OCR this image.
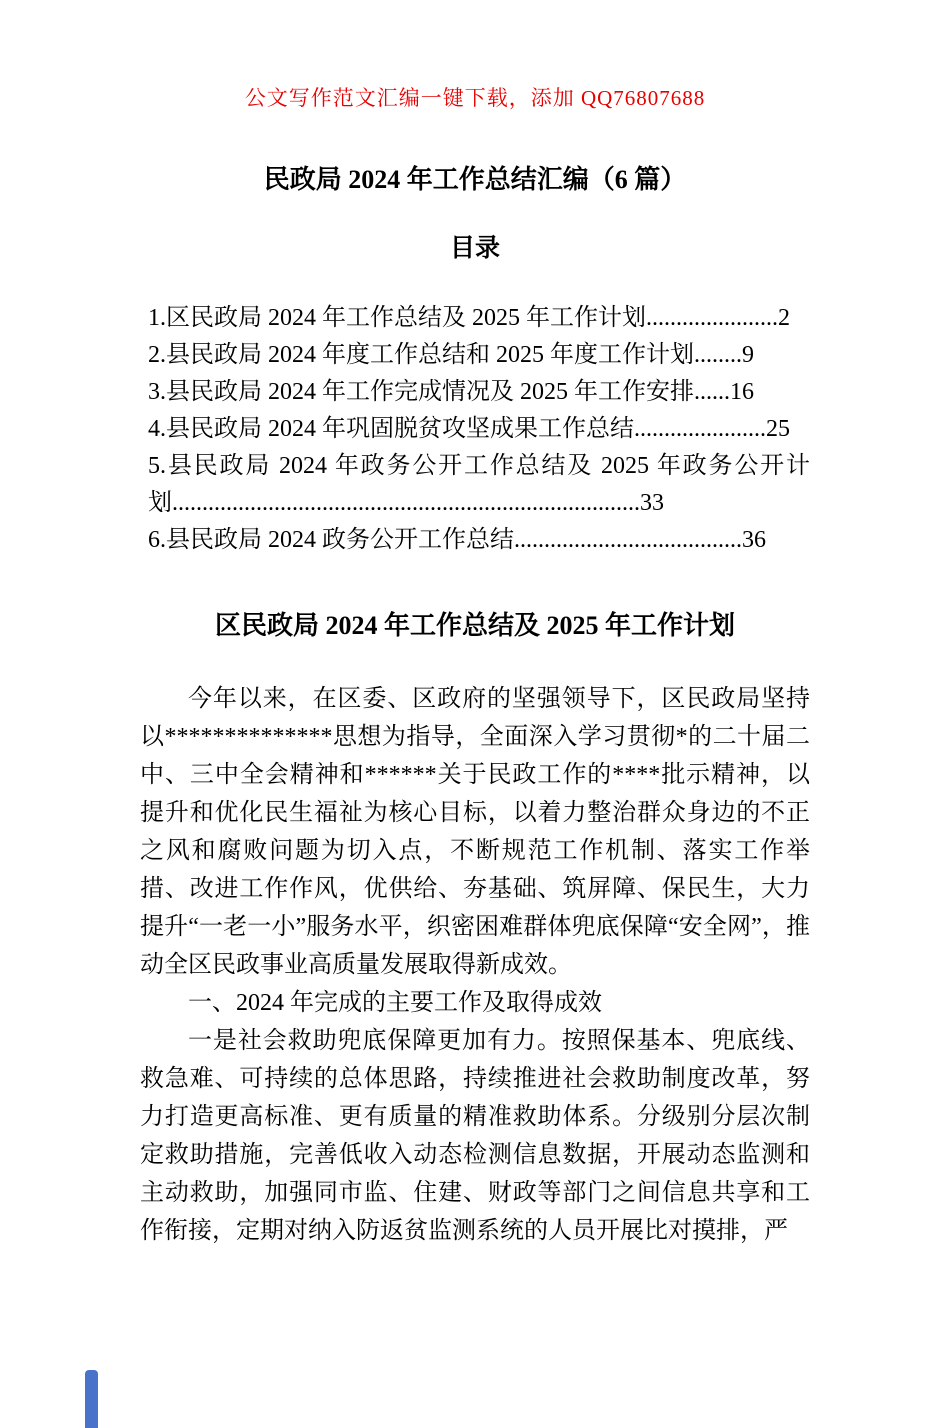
公文写作范文汇编一键下载，添加 QQ76807688
民政局 2024 年工作总结汇编（6 篇）
目录
1.区民政局 2024 年工作总结及 2025 年工作计划......................2
2.县民政局 2024 年度工作总结和 2025 年度工作计划........9
3.县民政局 2024 年工作完成情况及 2025 年工作安排......16
4.县民政局 2024 年巩固脱贫攻坚成果工作总结......................25
5.县民政局 2024 年政务公开工作总结及 2025 年政务公开计划..............................................................................33
6.县民政局 2024 政务公开工作总结......................................36
区民政局 2024 年工作总结及 2025 年工作计划

今年以来，在区委、区政府的坚强领导下，区民政局坚持以**************思想为指导，全面深入学习贯彻*的二十届二中、三中全会精神和******关于民政工作的****批示精神，以提升和优化民生福祉为核心目标，以着力整治群众身边的不正之风和腐败问题为切入点，不断规范工作机制、落实工作举措、改进工作作风，优供给、夯基础、筑屏障、保民生，大力提升“一老一小”服务水平，织密困难群体兜底保障“安全网”，推动全区民政事业高质量发展取得新成效。

一、2024 年完成的主要工作及取得成效

一是社会救助兜底保障更加有力。按照保基本、兜底线、救急难、可持续的总体思路，持续推进社会救助制度改革，努力打造更高标准、更有质量的精准救助体系。分级别分层次制定救助措施，完善低收入动态检测信息数据，开展动态监测和主动救助，加强同市监、住建、财政等部门之间信息共享和工作衔接，定期对纳入防返贫监测系统的人员开展比对摸排，严
